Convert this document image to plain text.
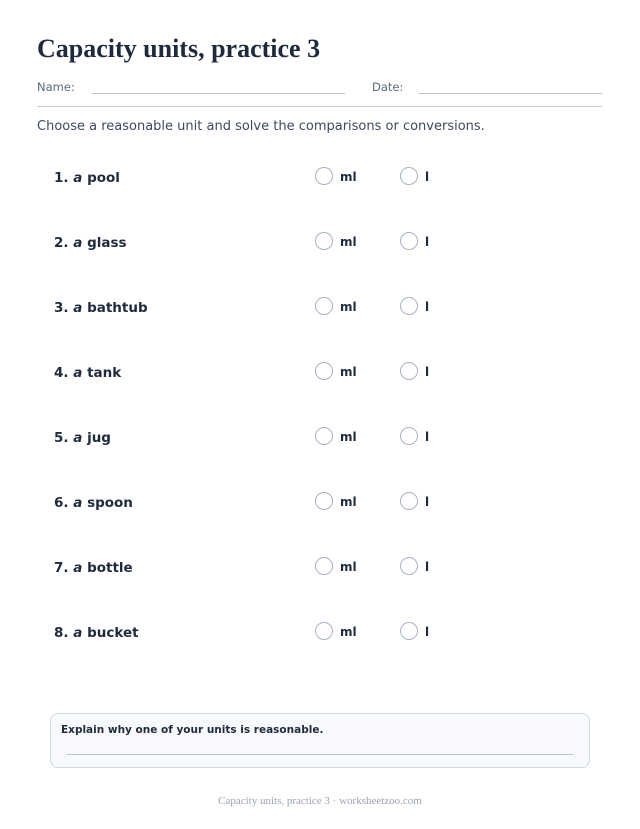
Capacity units, practice 3
Name:	Date:
Choose a reasonable unit and solve the comparisons or conversions.
1. a pool	ml	l
2. a glass	ml	l
3. a bathtub	ml	l
4. a tank	ml	l
5. a jug	ml	l
6. a spoon	ml	l
7. a bottle	ml	l
8. a bucket	ml	l
Explain why one of your units is reasonable.
Capacity units, practice 3 · worksheetzoo.com
